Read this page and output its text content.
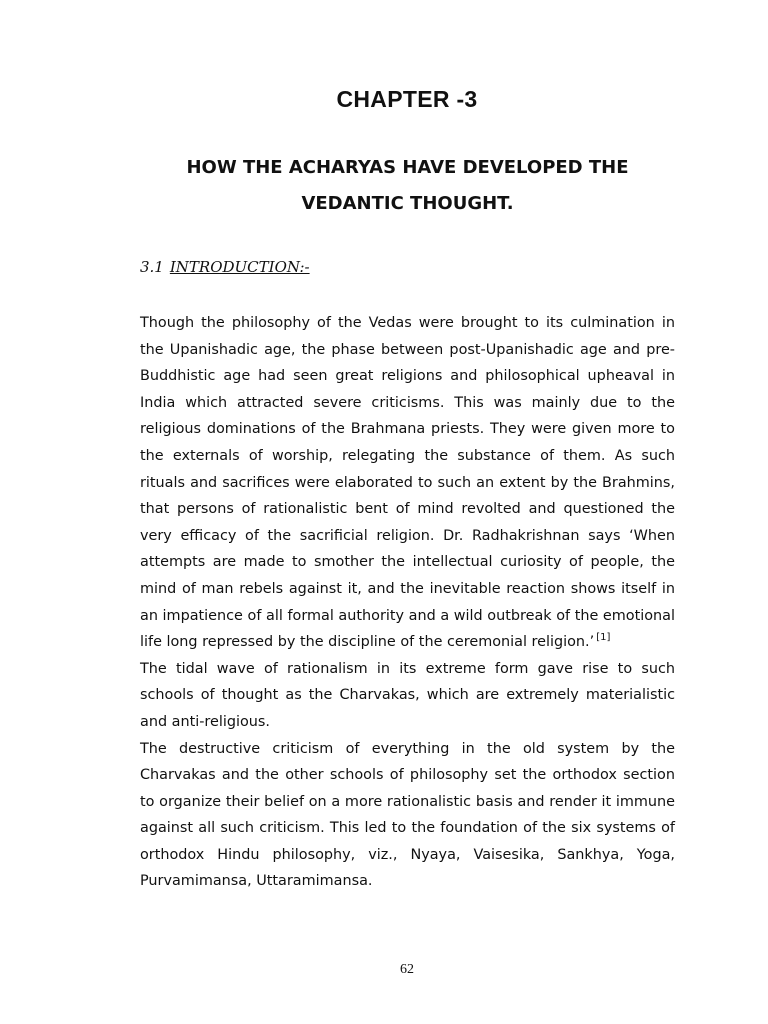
CHAPTER -3
HOW THE ACHARYAS HAVE DEVELOPED THE VEDANTIC THOUGHT.
3.1 INTRODUCTION:-

Though the philosophy of the Vedas were brought to its culmination in the Upanishadic age, the phase between post-Upanishadic age and pre-Buddhistic age had seen great religions and philosophical upheaval in India which attracted severe criticisms. This was mainly due to the religious dominations of the Brahmana priests. They were given more to the externals of worship, relegating the substance of them. As such rituals and sacrifices were elaborated to such an extent by the Brahmins, that persons of rationalistic bent of mind revolted and questioned the very efficacy of the sacrificial religion. Dr. Radhakrishnan says ‘When attempts are made to smother the intellectual curiosity of people, the mind of man rebels against it, and the inevitable reaction shows itself in an impatience of all formal authority and a wild outbreak of the emotional life long repressed by the discipline of the ceremonial religion.’ [1]

The tidal wave of rationalism in its extreme form gave rise to such schools of thought as the Charvakas, which are extremely materialistic and anti-religious.

The destructive criticism of everything in the old system by the Charvakas and the other schools of philosophy set the orthodox section to organize their belief on a more rationalistic basis and render it immune against all such criticism. This led to the foundation of the six systems of orthodox Hindu philosophy, viz., Nyaya, Vaisesika, Sankhya, Yoga, Purvamimansa, Uttaramimansa.

62
